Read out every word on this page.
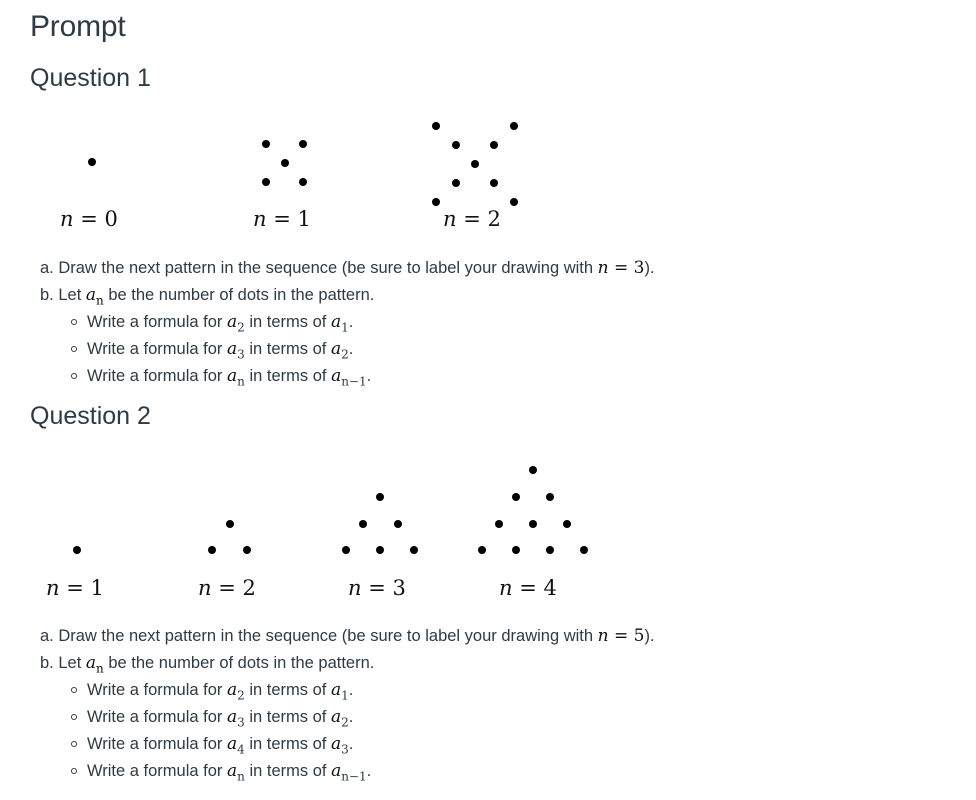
Prompt
Question 1
n = 0	n = 1	n = 2
a. Draw the next pattern in the sequence (be sure to label your drawing with n = 3).
b. Let $a_n$ be the number of dots in the pattern.
Write a formula for $a_2$ in terms of $a_1$.
Write a formula for $a_3$ in terms of $a_2$.
Write a formula for $a_n$ in terms of $a_{n-1}$.
Question 2
n = 1	n = 2	n = 3	n = 4
a. Draw the next pattern in the sequence (be sure to label your drawing with n = 5).
b. Let $a_n$ be the number of dots in the pattern.
Write a formula for $a_2$ in terms of $a_1$.
Write a formula for $a_3$ in terms of $a_2$.
Write a formula for $a_4$ in terms of $a_3$.
Write a formula for $a_n$ in terms of $a_{n-1}$.
